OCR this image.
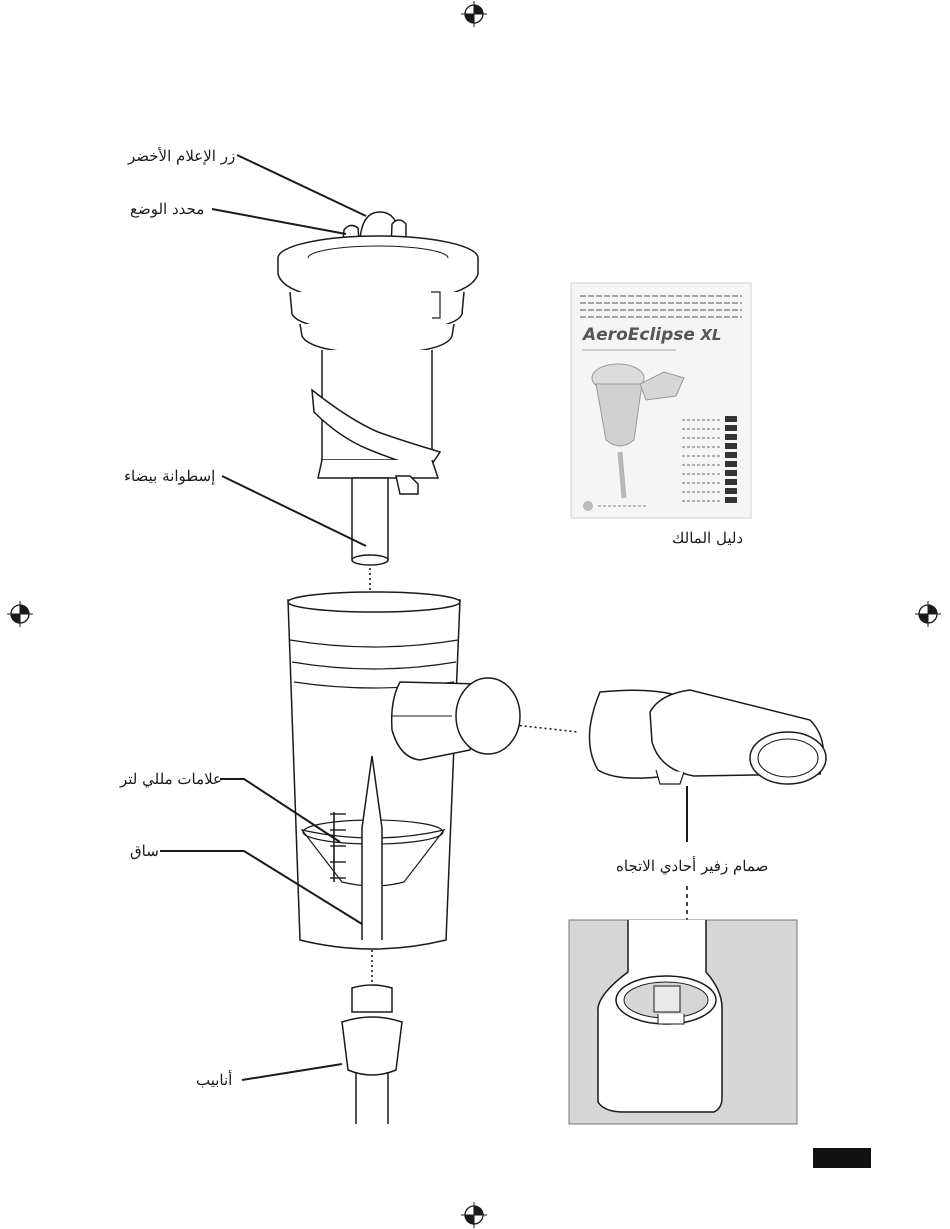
زر الإعلام الأخضر
محدد الوضع
إسطوانة بيضاء
دليل المالك
علامات مللي لتر
ساق
أنابيب
صمام زفير أحادي الاتجاه
AeroEclipse XL
